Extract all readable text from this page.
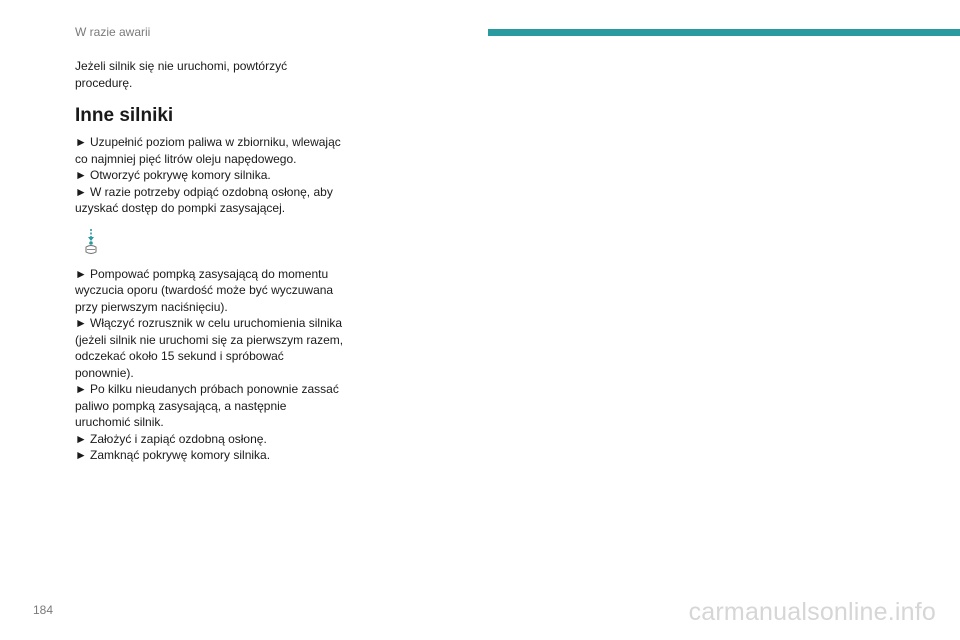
W razie awarii

Jeżeli silnik się nie uruchomi, powtórzyć procedurę.

Inne silniki

► Uzupełnić poziom paliwa w zbiorniku, wlewając co najmniej pięć litrów oleju napędowego.

► Otworzyć pokrywę komory silnika.

► W razie potrzeby odpiąć ozdobną osłonę, aby uzyskać dostęp do pompki zasysającej.

► Pompować pompką zasysającą do momentu wyczucia oporu (twardość może być wyczuwana przy pierwszym naciśnięciu).

► Włączyć rozrusznik w celu uruchomienia silnika (jeżeli silnik nie uruchomi się za pierwszym razem, odczekać około 15 sekund i spróbować ponownie).

► Po kilku nieudanych próbach ponownie zassać paliwo pompką zasysającą, a następnie uruchomić silnik.

► Założyć i zapiąć ozdobną osłonę.

► Zamknąć pokrywę komory silnika.

184	carmanualsonline.info
